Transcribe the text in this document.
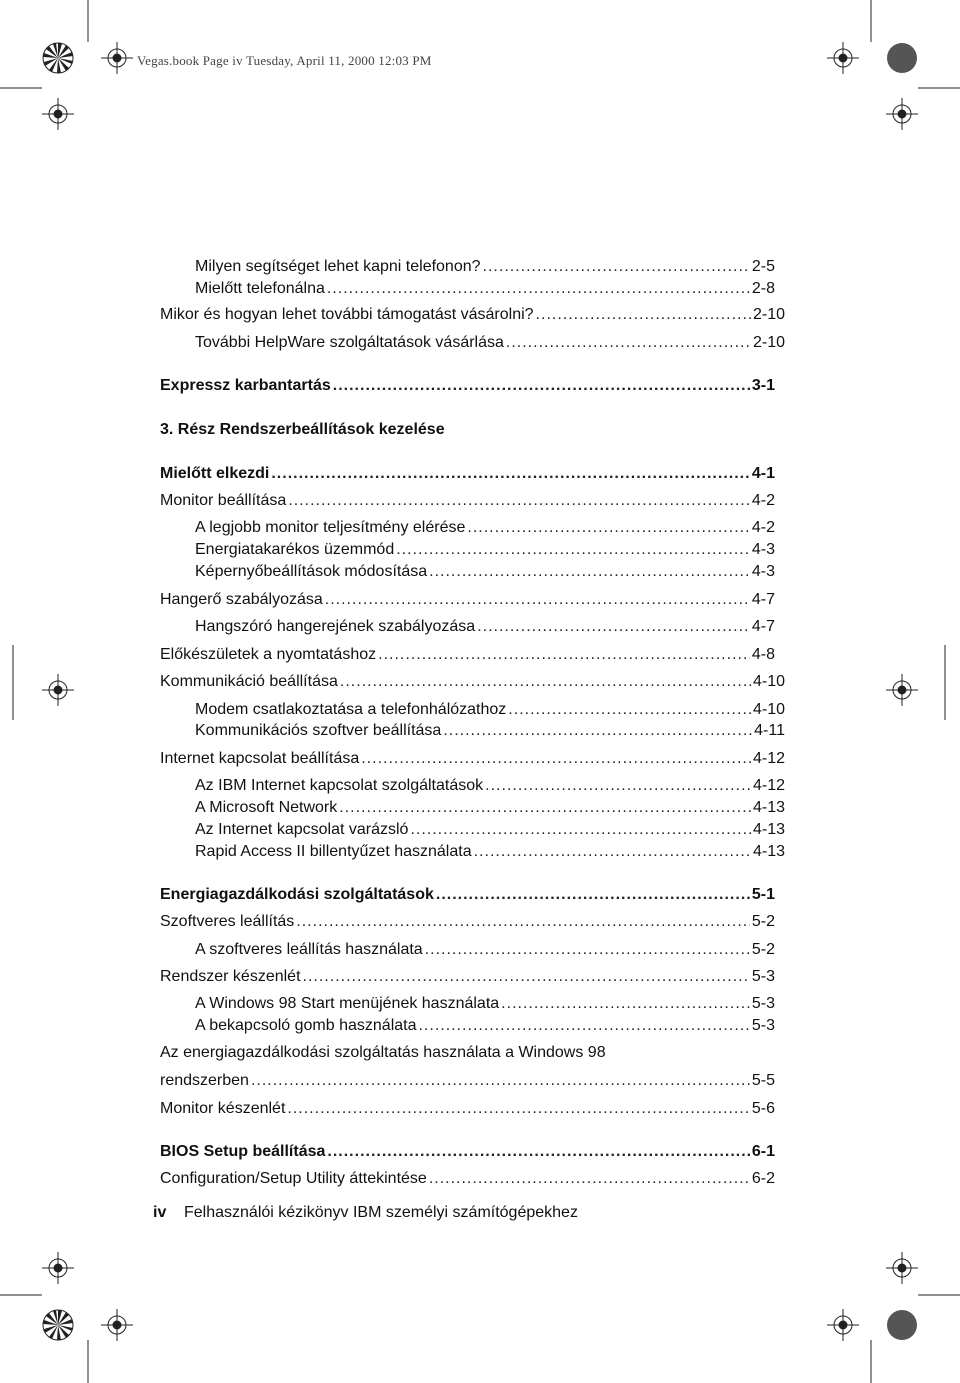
Vegas.book Page iv Tuesday, April 11, 2000 12:03 PM
Milyen segítséget lehet kapni telefonon? .....	2-5
Mielőtt telefonálna .....	2-8
Mikor és hogyan lehet további támogatást vásárolni? .....	2-10
További HelpWare szolgáltatások vásárlása .....	2-10
Expressz karbantartás .....	3-1
3. Rész Rendszerbeállítások kezelése
Mielőtt elkezdi .....	4-1
Monitor beállítása .....	4-2
A legjobb monitor teljesítmény elérése .....	4-2
Energiatakarékos üzemmód .....	4-3
Képernyőbeállítások módosítása .....	4-3
Hangerő szabályozása .....	4-7
Hangszóró hangerejének szabályozása .....	4-7
Előkészületek a nyomtatáshoz .....	4-8
Kommunikáció beállítása .....	4-10
Modem csatlakoztatása a telefonhálózathoz .....	4-10
Kommunikációs szoftver beállítása .....	4-11
Internet kapcsolat beállítása .....	4-12
Az IBM Internet kapcsolat szolgáltatások .....	4-12
A Microsoft Network .....	4-13
Az Internet kapcsolat varázsló .....	4-13
Rapid Access II billentyűzet használata .....	4-13
Energiagazdálkodási szolgáltatások .....	5-1
Szoftveres leállítás .....	5-2
A szoftveres leállítás használata .....	5-2
Rendszer készenlét .....	5-3
A Windows 98 Start menüjének használata .....	5-3
A bekapcsoló gomb használata .....	5-3
Az energiagazdálkodási szolgáltatás használata a Windows 98
rendszerben .....	5-5
Monitor készenlét .....	5-6
BIOS Setup beállítása .....	6-1
Configuration/Setup Utility áttekintése .....	6-2
iv Felhasználói kézikönyv IBM személyi számítógépekhez
